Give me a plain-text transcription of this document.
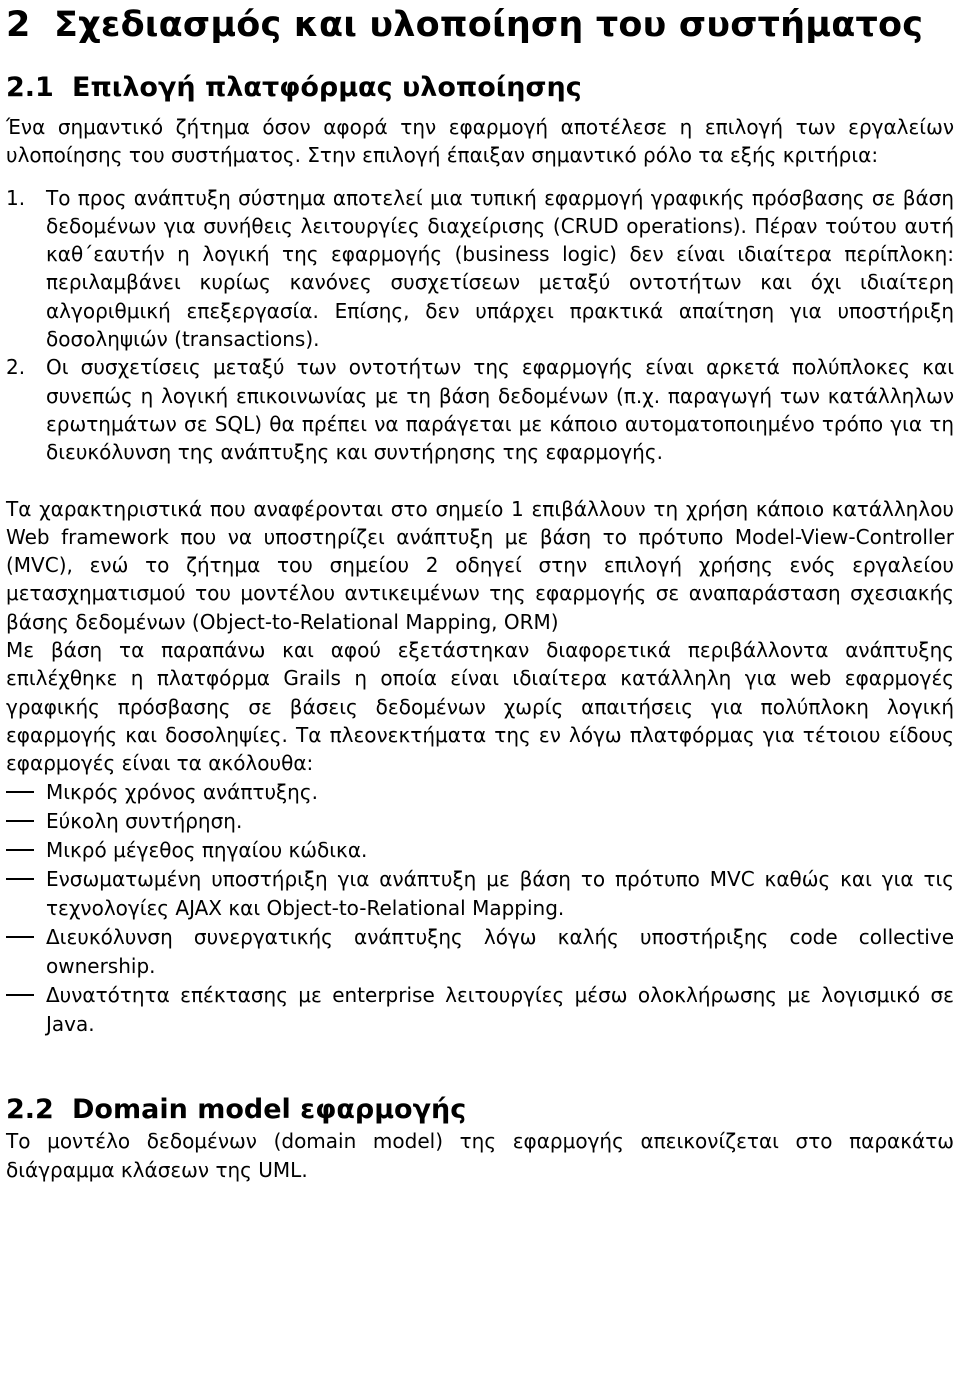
2 Σχεδιασμός και υλοποίηση του συστήματος
2.1 Επιλογή πλατφόρμας υλοποίησης

Ένα σημαντικό ζήτημα όσον αφορά την εφαρμογή αποτέλεσε η επιλογή των εργαλείων υλοποίησης του συστήματος. Στην επιλογή έπαιξαν σημαντικό ρόλο τα εξής κριτήρια:

1.	Το προς ανάπτυξη σύστημα αποτελεί μια τυπική εφαρμογή γραφικής πρόσβασης σε βάση δεδομένων για συνήθεις λειτουργίες διαχείρισης (CRUD operations). Πέραν τούτου αυτή καθ΄εαυτήν η λογική της εφαρμογής (business logic) δεν είναι ιδιαίτερα περίπλοκη: περιλαμβάνει κυρίως κανόνες συσχετίσεων μεταξύ οντοτήτων και όχι ιδιαίτερη αλγοριθμική επεξεργασία. Επίσης, δεν υπάρχει πρακτικά απαίτηση για υποστήριξη δοσοληψιών (transactions).
2.	Οι συσχετίσεις μεταξύ των οντοτήτων της εφαρμογής είναι αρκετά πολύπλοκες και συνεπώς η λογική επικοινωνίας με τη βάση δεδομένων (π.χ. παραγωγή των κατάλληλων ερωτημάτων σε SQL) θα πρέπει να παράγεται με κάποιο αυτοματοποιημένο τρόπο για τη διευκόλυνση της ανάπτυξης και συντήρησης της εφαρμογής.

Τα χαρακτηριστικά που αναφέρονται στο σημείο 1 επιβάλλουν τη χρήση κάποιο κατάλληλου Web framework που να υποστηρίζει ανάπτυξη με βάση το πρότυπο Model-View-Controller (MVC), ενώ το ζήτημα του σημείου 2 οδηγεί στην επιλογή χρήσης ενός εργαλείου μετασχηματισμού του μοντέλου αντικειμένων της εφαρμογής σε αναπαράσταση σχεσιακής βάσης δεδομένων (Object-to-Relational Mapping, ORM)

Με βάση τα παραπάνω και αφού εξετάστηκαν διαφορετικά περιβάλλοντα ανάπτυξης επιλέχθηκε η πλατφόρμα Grails η οποία είναι ιδιαίτερα κατάλληλη για web εφαρμογές γραφικής πρόσβασης σε βάσεις δεδομένων χωρίς απαιτήσεις για πολύπλοκη λογική εφαρμογής και δοσοληψίες. Τα πλεονεκτήματα της εν λόγω πλατφόρμας για τέτοιου είδους εφαρμογές είναι τα ακόλουθα:

Μικρός χρόνος ανάπτυξης.
Εύκολη συντήρηση.
Μικρό μέγεθος πηγαίου κώδικα.
Ενσωματωμένη υποστήριξη για ανάπτυξη με βάση το πρότυπο MVC καθώς και για τις τεχνολογίες AJAX και Object-to-Relational Mapping.
Διευκόλυνση συνεργατικής ανάπτυξης λόγω καλής υποστήριξης code collective ownership.
Δυνατότητα επέκτασης με enterprise λειτουργίες μέσω ολοκλήρωσης με λογισμικό σε Java.
2.2 Domain model εφαρμογής

Το μοντέλο δεδομένων (domain model) της εφαρμογής απεικονίζεται στο παρακάτω διάγραμμα κλάσεων της UML.
